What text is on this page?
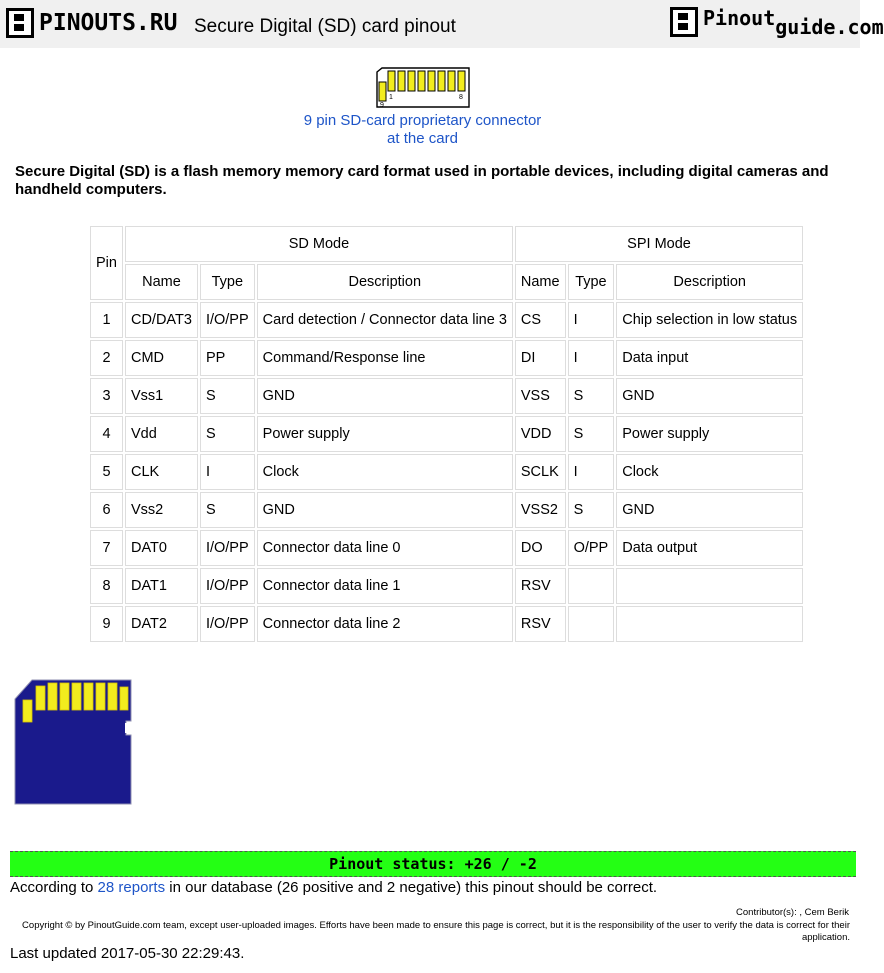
PINOUTS.RU Secure Digital (SD) card pinout	Pinout guide.com
1	8
9
9 pin SD-card proprietary connector
at the card

Secure Digital (SD) is a flash memory memory card format used in portable devices, including digital cameras and handheld computers.

Pin	SD Mode			SPI Mode		
	Name	Type	Description	Name	Type	Description
1	CD/DAT3	I/O/PP	Card detection / Connector data line 3	CS	I	Chip selection in low status
2	CMD	PP	Command/Response line	DI	I	Data input
3	Vss1	S	GND	VSS	S	GND
4	Vdd	S	Power supply	VDD	S	Power supply
5	CLK	I	Clock	SCLK	I	Clock
6	Vss2	S	GND	VSS2	S	GND
7	DAT0	I/O/PP	Connector data line 0	DO	O/PP	Data output
8	DAT1	I/O/PP	Connector data line 1	RSV		
9	DAT2	I/O/PP	Connector data line 2	RSV		
Pinout status: +26 / -2
According to 28 reports in our database (26 positive and 2 negative) this pinout should be correct.
Contributor(s): , Cem Berik
Copyright © by PinoutGuide.com team, except user-uploaded images. Efforts have been made to ensure this page is correct, but it is the responsibility of the user to verify the data is correct for their application.
Last updated 2017-05-30 22:29:43.
